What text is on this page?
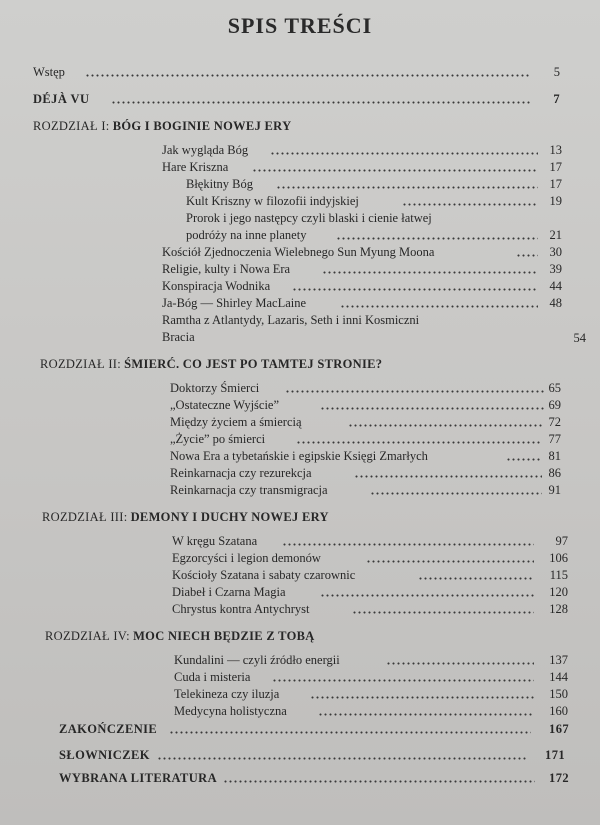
SPIS TREŚCI
Wstęp	5
DÉJÀ VU	7
ROZDZIAŁ I: BÓG I BOGINIE NOWEJ ERY
Jak wygląda Bóg	13
Hare Kriszna	17
Błękitny Bóg	17
Kult Kriszny w filozofii indyjskiej	19
Prorok i jego następcy czyli blaski i cienie łatwej
podróży na inne planety	21
Kościół Zjednoczenia Wielebnego Sun Myung Moona	30
Religie, kulty i Nowa Era	39
Konspiracja Wodnika	44
Ja-Bóg — Shirley MacLaine	48
Ramtha z Atlantydy, Lazaris, Seth i inni Kosmiczni
Bracia	54
ROZDZIAŁ II: ŚMIERĆ. CO JEST PO TAMTEJ STRONIE?
Doktorzy Śmierci	65
„Ostateczne Wyjście”	69
Między życiem a śmiercią	72
„Życie” po śmierci	77
Nowa Era a tybetańskie i egipskie Księgi Zmarłych	81
Reinkarnacja czy rezurekcja	86
Reinkarnacja czy transmigracja	91
ROZDZIAŁ III: DEMONY I DUCHY NOWEJ ERY
W kręgu Szatana	97
Egzorcyści i legion demonów	106
Kościoły Szatana i sabaty czarownic	115
Diabeł i Czarna Magia	120
Chrystus kontra Antychryst	128
ROZDZIAŁ IV: MOC NIECH BĘDZIE Z TOBĄ
Kundalini — czyli źródło energii	137
Cuda i misteria	144
Telekineza czy iluzja	150
Medycyna holistyczna	160
ZAKOŃCZENIE	167
SŁOWNICZEK	171
WYBRANA LITERATURA	172
